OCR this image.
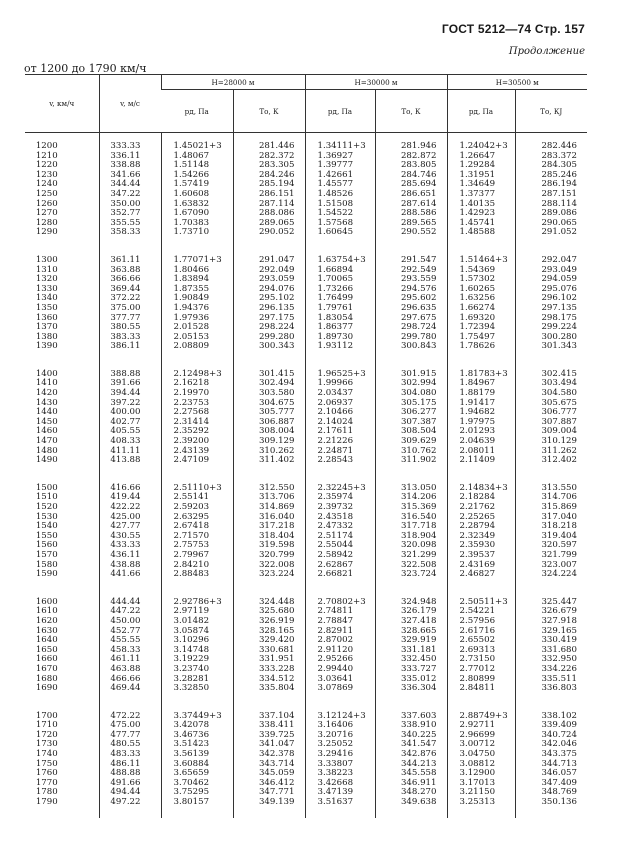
ГОСТ 5212—74 Стр. 157
Продолжение
от 1200 до 1790 км/ч
v, км/ч	v, м/с	H=28000 м		H=30000 м		H=30500 м	
		pд, Па	Tо, К	pд, Па	Tо, К	pд, Па	Tо, КJ

1200	333.33	1.45021+3	281.446	1.34111+3	281.946	1.24042+3	282.446
1210	336.11	1.48067	282.372	1.36927	282.872	1.26647	283.372
1220	338.88	1.51148	283.305	1.39777	283.805	1.29284	284.305
1230	341.66	1.54266	284.246	1.42661	284.746	1.31951	285.246
1240	344.44	1.57419	285.194	1.45577	285.694	1.34649	286.194
1250	347.22	1.60608	286.151	1.48526	286.651	1.37377	287.151
1260	350.00	1.63832	287.114	1.51508	287.614	1.40135	288.114
1270	352.77	1.67090	288.086	1.54522	288.586	1.42923	289.086
1280	355.55	1.70383	289.065	1.57568	289.565	1.45741	290.065
1290	358.33	1.73710	290.052	1.60645	290.552	1.48588	291.052

1300	361.11	1.77071+3	291.047	1.63754+3	291.547	1.51464+3	292.047
1310	363.88	1.80466	292.049	1.66894	292.549	1.54369	293.049
1320	366.66	1.83894	293.059	1.70065	293.559	1.57302	294.059
1330	369.44	1.87355	294.076	1.73266	294.576	1.60265	295.076
1340	372.22	1.90849	295.102	1.76499	295.602	1.63256	296.102
1350	375.00	1.94376	296.135	1.79761	296.635	1.66274	297.135
1360	377.77	1.97936	297.175	1.83054	297.675	1.69320	298.175
1370	380.55	2.01528	298.224	1.86377	298.724	1.72394	299.224
1380	383.33	2.05153	299.280	1.89730	299.780	1.75497	300.280
1390	386.11	2.08809	300.343	1.93112	300.843	1.78626	301.343

1400	388.88	2.12498+3	301.415	1.96525+3	301.915	1.81783+3	302.415
1410	391.66	2.16218	302.494	1.99966	302.994	1.84967	303.494
1420	394.44	2.19970	303.580	2.03437	304.080	1.88179	304.580
1430	397.22	2.23753	304.675	2.06937	305.175	1.91417	305.675
1440	400.00	2.27568	305.777	2.10466	306.277	1.94682	306.777
1450	402.77	2.31414	306.887	2.14024	307.387	1.97975	307.887
1460	405.55	2.35292	308.004	2.17611	308.504	2.01293	309.004
1470	408.33	2.39200	309.129	2.21226	309.629	2.04639	310.129
1480	411.11	2.43139	310.262	2.24871	310.762	2.08011	311.262
1490	413.88	2.47109	311.402	2.28543	311.902	2.11409	312.402

1500	416.66	2.51110+3	312.550	2.32245+3	313.050	2.14834+3	313.550
1510	419.44	2.55141	313.706	2.35974	314.206	2.18284	314.706
1520	422.22	2.59203	314.869	2.39732	315.369	2.21762	315.869
1530	425.00	2.63295	316.040	2.43518	316.540	2.25265	317.040
1540	427.77	2.67418	317.218	2.47332	317.718	2.28794	318.218
1550	430.55	2.71570	318.404	2.51174	318.904	2.32349	319.404
1560	433.33	2.75753	319.598	2.55044	320.098	2.35930	320.597
1570	436.11	2.79967	320.799	2.58942	321.299	2.39537	321.799
1580	438.88	2.84210	322.008	2.62867	322.508	2.43169	323.007
1590	441.66	2.88483	323.224	2.66821	323.724	2.46827	324.224

1600	444.44	2.92786+3	324.448	2.70802+3	324.948	2.50511+3	325.447
1610	447.22	2.97119	325.680	2.74811	326.179	2.54221	326.679
1620	450.00	3.01482	326.919	2.78847	327.418	2.57956	327.918
1630	452.77	3.05874	328.165	2.82911	328.665	2.61716	329.165
1640	455.55	3.10296	329.420	2.87002	329.919	2.65502	330.419
1650	458.33	3.14748	330.681	2.91120	331.181	2.69313	331.680
1660	461.11	3.19229	331.951	2.95266	332.450	2.73150	332.950
1670	463.88	3.23740	333.228	2.99440	333.727	2.77012	334.226
1680	466.66	3.28281	334.512	3.03641	335.012	2.80899	335.511
1690	469.44	3.32850	335.804	3.07869	336.304	2.84811	336.803

1700	472.22	3.37449+3	337.104	3.12124+3	337.603	2.88749+3	338.102
1710	475.00	3.42078	338.411	3.16406	338.910	2.92711	339.409
1720	477.77	3.46736	339.725	3.20716	340.225	2.96699	340.724
1730	480.55	3.51423	341.047	3.25052	341.547	3.00712	342.046
1740	483.33	3.56139	342.378	3.29416	342.876	3.04750	343.375
1750	486.11	3.60884	343.714	3.33807	344.213	3.08812	344.713
1760	488.88	3.65659	345.059	3.38223	345.558	3.12900	346.057
1770	491.66	3.70462	346.412	3.42668	346.911	3.17013	347.409
1780	494.44	3.75295	347.771	3.47139	348.270	3.21150	348.769
1790	497.22	3.80157	349.139	3.51637	349.638	3.25313	350.136
